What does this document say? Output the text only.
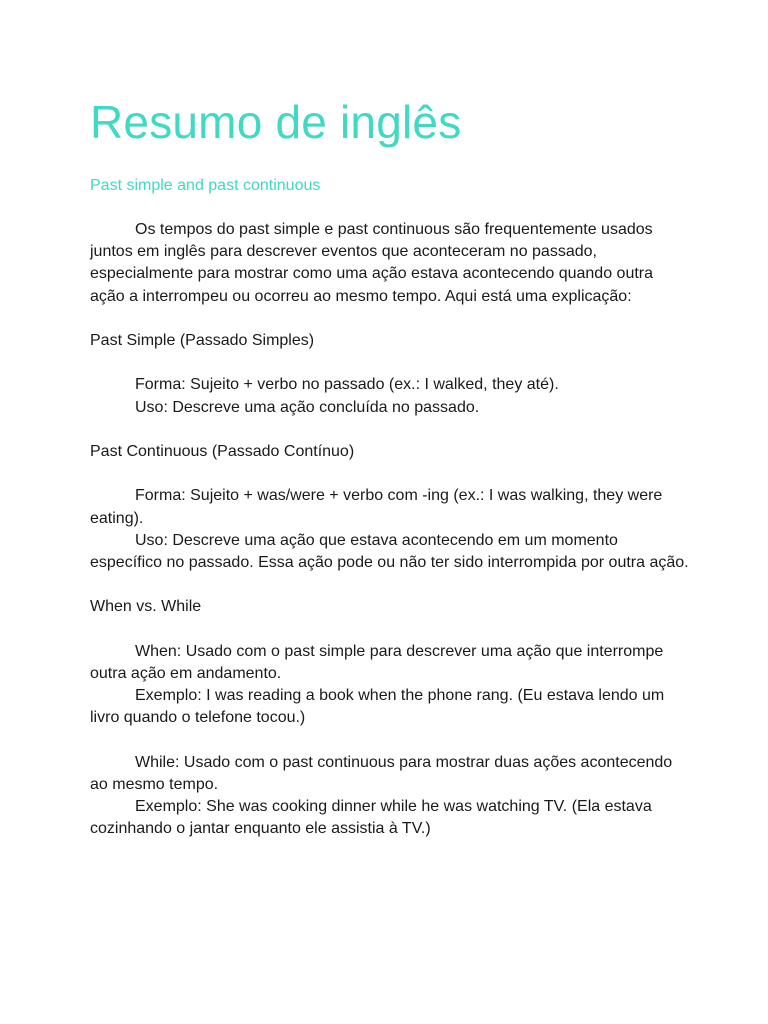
Resumo de inglês
Past simple and past continuous

Os tempos do past simple e past continuous são frequentemente usados juntos em inglês para descrever eventos que aconteceram no passado, especialmente para mostrar como uma ação estava acontecendo quando outra ação a interrompeu ou ocorreu ao mesmo tempo. Aqui está uma explicação:

Past Simple (Passado Simples)

Forma: Sujeito + verbo no passado (ex.: I walked, they até).

Uso: Descreve uma ação concluída no passado.

Past Continuous (Passado Contínuo)

Forma: Sujeito + was/were + verbo com -ing (ex.: I was walking, they were eating).

Uso: Descreve uma ação que estava acontecendo em um momento específico no passado. Essa ação pode ou não ter sido interrompida por outra ação.

When vs. While

When: Usado com o past simple para descrever uma ação que interrompe outra ação em andamento.

Exemplo: I was reading a book when the phone rang. (Eu estava lendo um livro quando o telefone tocou.)

While: Usado com o past continuous para mostrar duas ações acontecendo ao mesmo tempo.

Exemplo: She was cooking dinner while he was watching TV. (Ela estava cozinhando o jantar enquanto ele assistia à TV.)
